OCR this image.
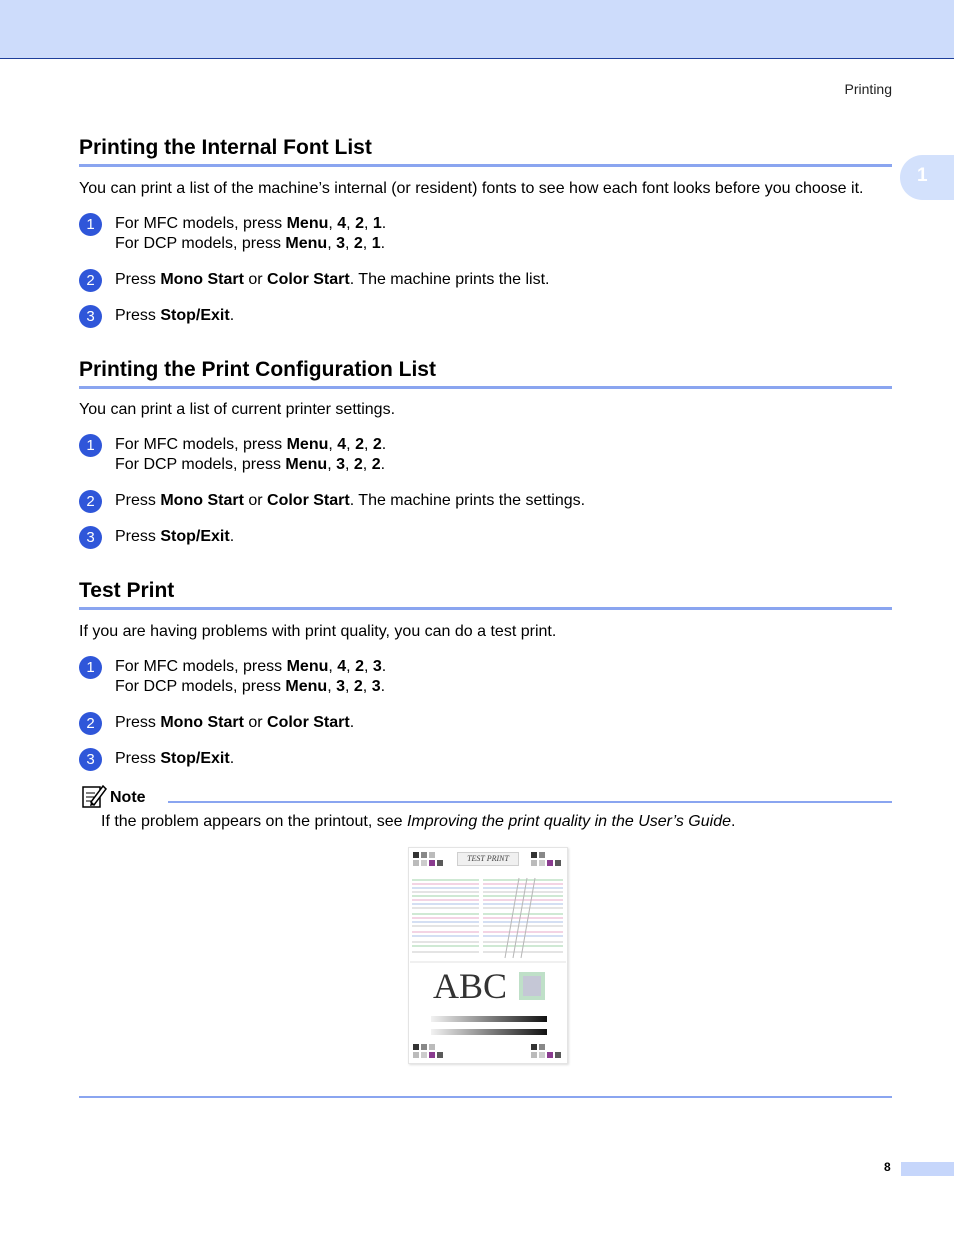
Printing
1
Printing the Internal Font List

You can print a list of the machine’s internal (or resident) fonts to see how each font looks before you choose it.

1	For MFC models, press Menu, 4, 2, 1.
For DCP models, press Menu, 3, 2, 1.
2	Press Mono Start or Color Start. The machine prints the list.
3	Press Stop/Exit.
Printing the Print Configuration List

You can print a list of current printer settings.

1	For MFC models, press Menu, 4, 2, 2.
For DCP models, press Menu, 3, 2, 2.
2	Press Mono Start or Color Start. The machine prints the settings.
3	Press Stop/Exit.
Test Print

If you are having problems with print quality, you can do a test print.

1	For MFC models, press Menu, 4, 2, 3.
For DCP models, press Menu, 3, 2, 3.
2	Press Mono Start or Color Start.
3	Press Stop/Exit.
Note
If the problem appears on the printout, see Improving the print quality in the User’s Guide.
TEST PRINT
ABC
8
